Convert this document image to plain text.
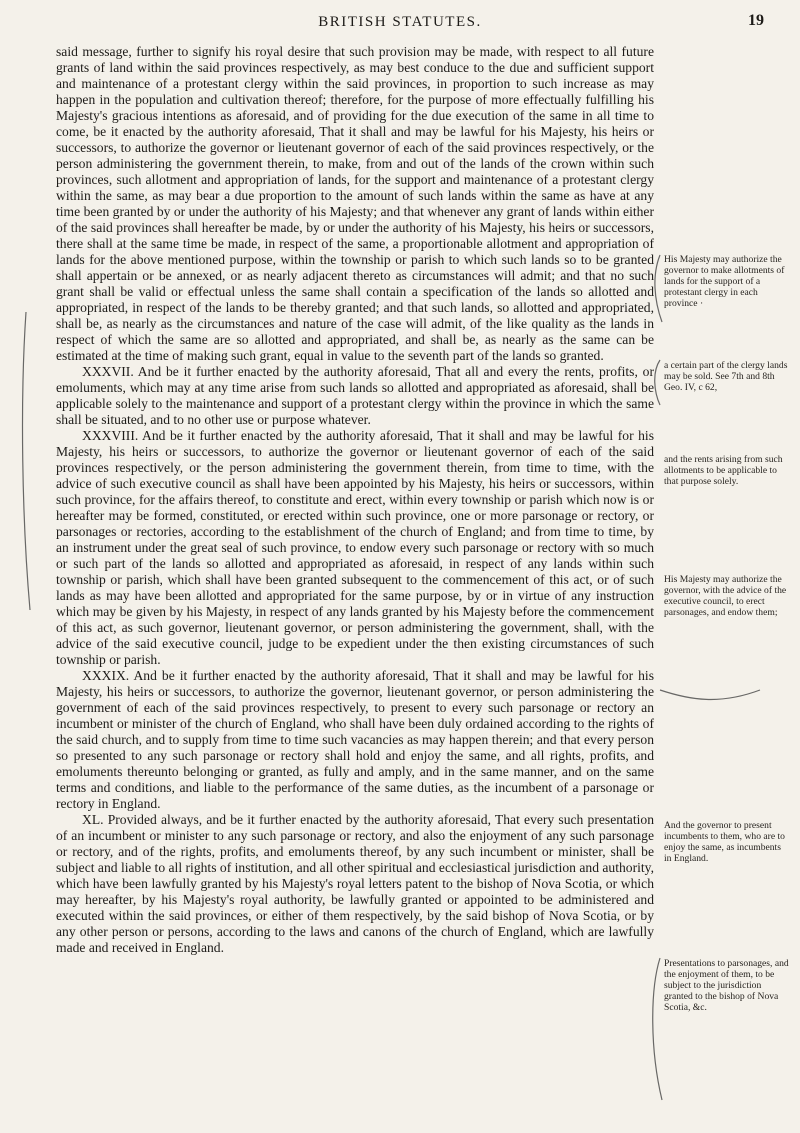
BRITISH STATUTES.	19

said message, further to signify his royal desire that such provision may be made, with respect to all future grants of land within the said provinces respectively, as may best conduce to the due and sufficient support and maintenance of a protestant clergy within the said provinces, in proportion to such increase as may happen in the population and cultivation thereof; therefore, for the purpose of more effectually fulfilling his Majesty's gracious intentions as aforesaid, and of providing for the due execution of the same in all time to come, be it enacted by the authority aforesaid, That it shall and may be lawful for his Majesty, his heirs or successors, to authorize the governor or lieutenant governor of each of the said provinces respectively, or the person administering the government therein, to make, from and out of the lands of the crown within such provinces, such allotment and appropriation of lands, for the support and maintenance of a protestant clergy within the same, as may bear a due proportion to the amount of such lands within the same as have at any time been granted by or under the authority of his Majesty; and that whenever any grant of lands within either of the said provinces shall hereafter be made, by or under the authority of his Majesty, his heirs or successors, there shall at the same time be made, in respect of the same, a proportionable allotment and appropriation of lands for the above mentioned purpose, within the township or parish to which such lands so to be granted shall appertain or be annexed, or as nearly adjacent thereto as circumstances will admit; and that no such grant shall be valid or effectual unless the same shall contain a specification of the lands so allotted and appropriated, in respect of the lands to be thereby granted; and that such lands, so allotted and appropriated, shall be, as nearly as the circumstances and nature of the case will admit, of the like quality as the lands in respect of which the same are so allotted and appropriated, and shall be, as nearly as the same can be estimated at the time of making such grant, equal in value to the seventh part of the lands so granted.

XXXVII. And be it further enacted by the authority aforesaid, That all and every the rents, profits, or emoluments, which may at any time arise from such lands so allotted and appropriated as aforesaid, shall be applicable solely to the maintenance and support of a protestant clergy within the province in which the same shall be situated, and to no other use or purpose whatever.

XXXVIII. And be it further enacted by the authority aforesaid, That it shall and may be lawful for his Majesty, his heirs or successors, to authorize the governor or lieutenant governor of each of the said provinces respectively, or the person administering the government therein, from time to time, with the advice of such executive council as shall have been appointed by his Majesty, his heirs or successors, within such province, for the affairs thereof, to constitute and erect, within every township or parish which now is or hereafter may be formed, constituted, or erected within such province, one or more parsonage or rectory, or parsonages or rectories, according to the establishment of the church of England; and from time to time, by an instrument under the great seal of such province, to endow every such parsonage or rectory with so much or such part of the lands so allotted and appropriated as aforesaid, in respect of any lands within such township or parish, which shall have been granted subsequent to the commencement of this act, or of such lands as may have been allotted and appropriated for the same purpose, by or in virtue of any instruction which may be given by his Majesty, in respect of any lands granted by his Majesty before the commencement of this act, as such governor, lieutenant governor, or person administering the government, shall, with the advice of the said executive council, judge to be expedient under the then existing circumstances of such township or parish.

XXXIX. And be it further enacted by the authority aforesaid, That it shall and may be lawful for his Majesty, his heirs or successors, to authorize the governor, lieutenant governor, or person administering the government of each of the said provinces respectively, to present to every such parsonage or rectory an incumbent or minister of the church of England, who shall have been duly ordained according to the rights of the said church, and to supply from time to time such vacancies as may happen therein; and that every person so presented to any such parsonage or rectory shall hold and enjoy the same, and all rights, profits, and emoluments thereunto belonging or granted, as fully and amply, and in the same manner, and on the same terms and conditions, and liable to the performance of the same duties, as the incumbent of a parsonage or rectory in England.

XL. Provided always, and be it further enacted by the authority aforesaid, That every such presentation of an incumbent or minister to any such parsonage or rectory, and also the enjoyment of any such parsonage or rectory, and of the rights, profits, and emoluments thereof, by any such incumbent or minister, shall be subject and liable to all rights of institution, and all other spiritual and ecclesiastical jurisdiction and authority, which have been lawfully granted by his Majesty's royal letters patent to the bishop of Nova Scotia, or which may hereafter, by his Majesty's royal authority, be lawfully granted or appointed to be administered and executed within the said provinces, or either of them respectively, by the said bishop of Nova Scotia, or by any other person or persons, according to the laws and canons of the church of England, which are lawfully made and received in England.

His Majesty may authorize the governor to make allotments of lands for the support of a protestant clergy in each province ·
a certain part of the clergy lands may be sold. See 7th and 8th Geo. IV, c 62,
and the rents arising from such allotments to be applicable to that purpose solely.
His Majesty may authorize the governor, with the advice of the executive council, to erect parsonages, and endow them;
And the governor to present incumbents to them, who are to enjoy the same, as incumbents in England.
Presentations to parsonages, and the enjoyment of them, to be subject to the jurisdiction granted to the bishop of Nova Scotia, &c.
